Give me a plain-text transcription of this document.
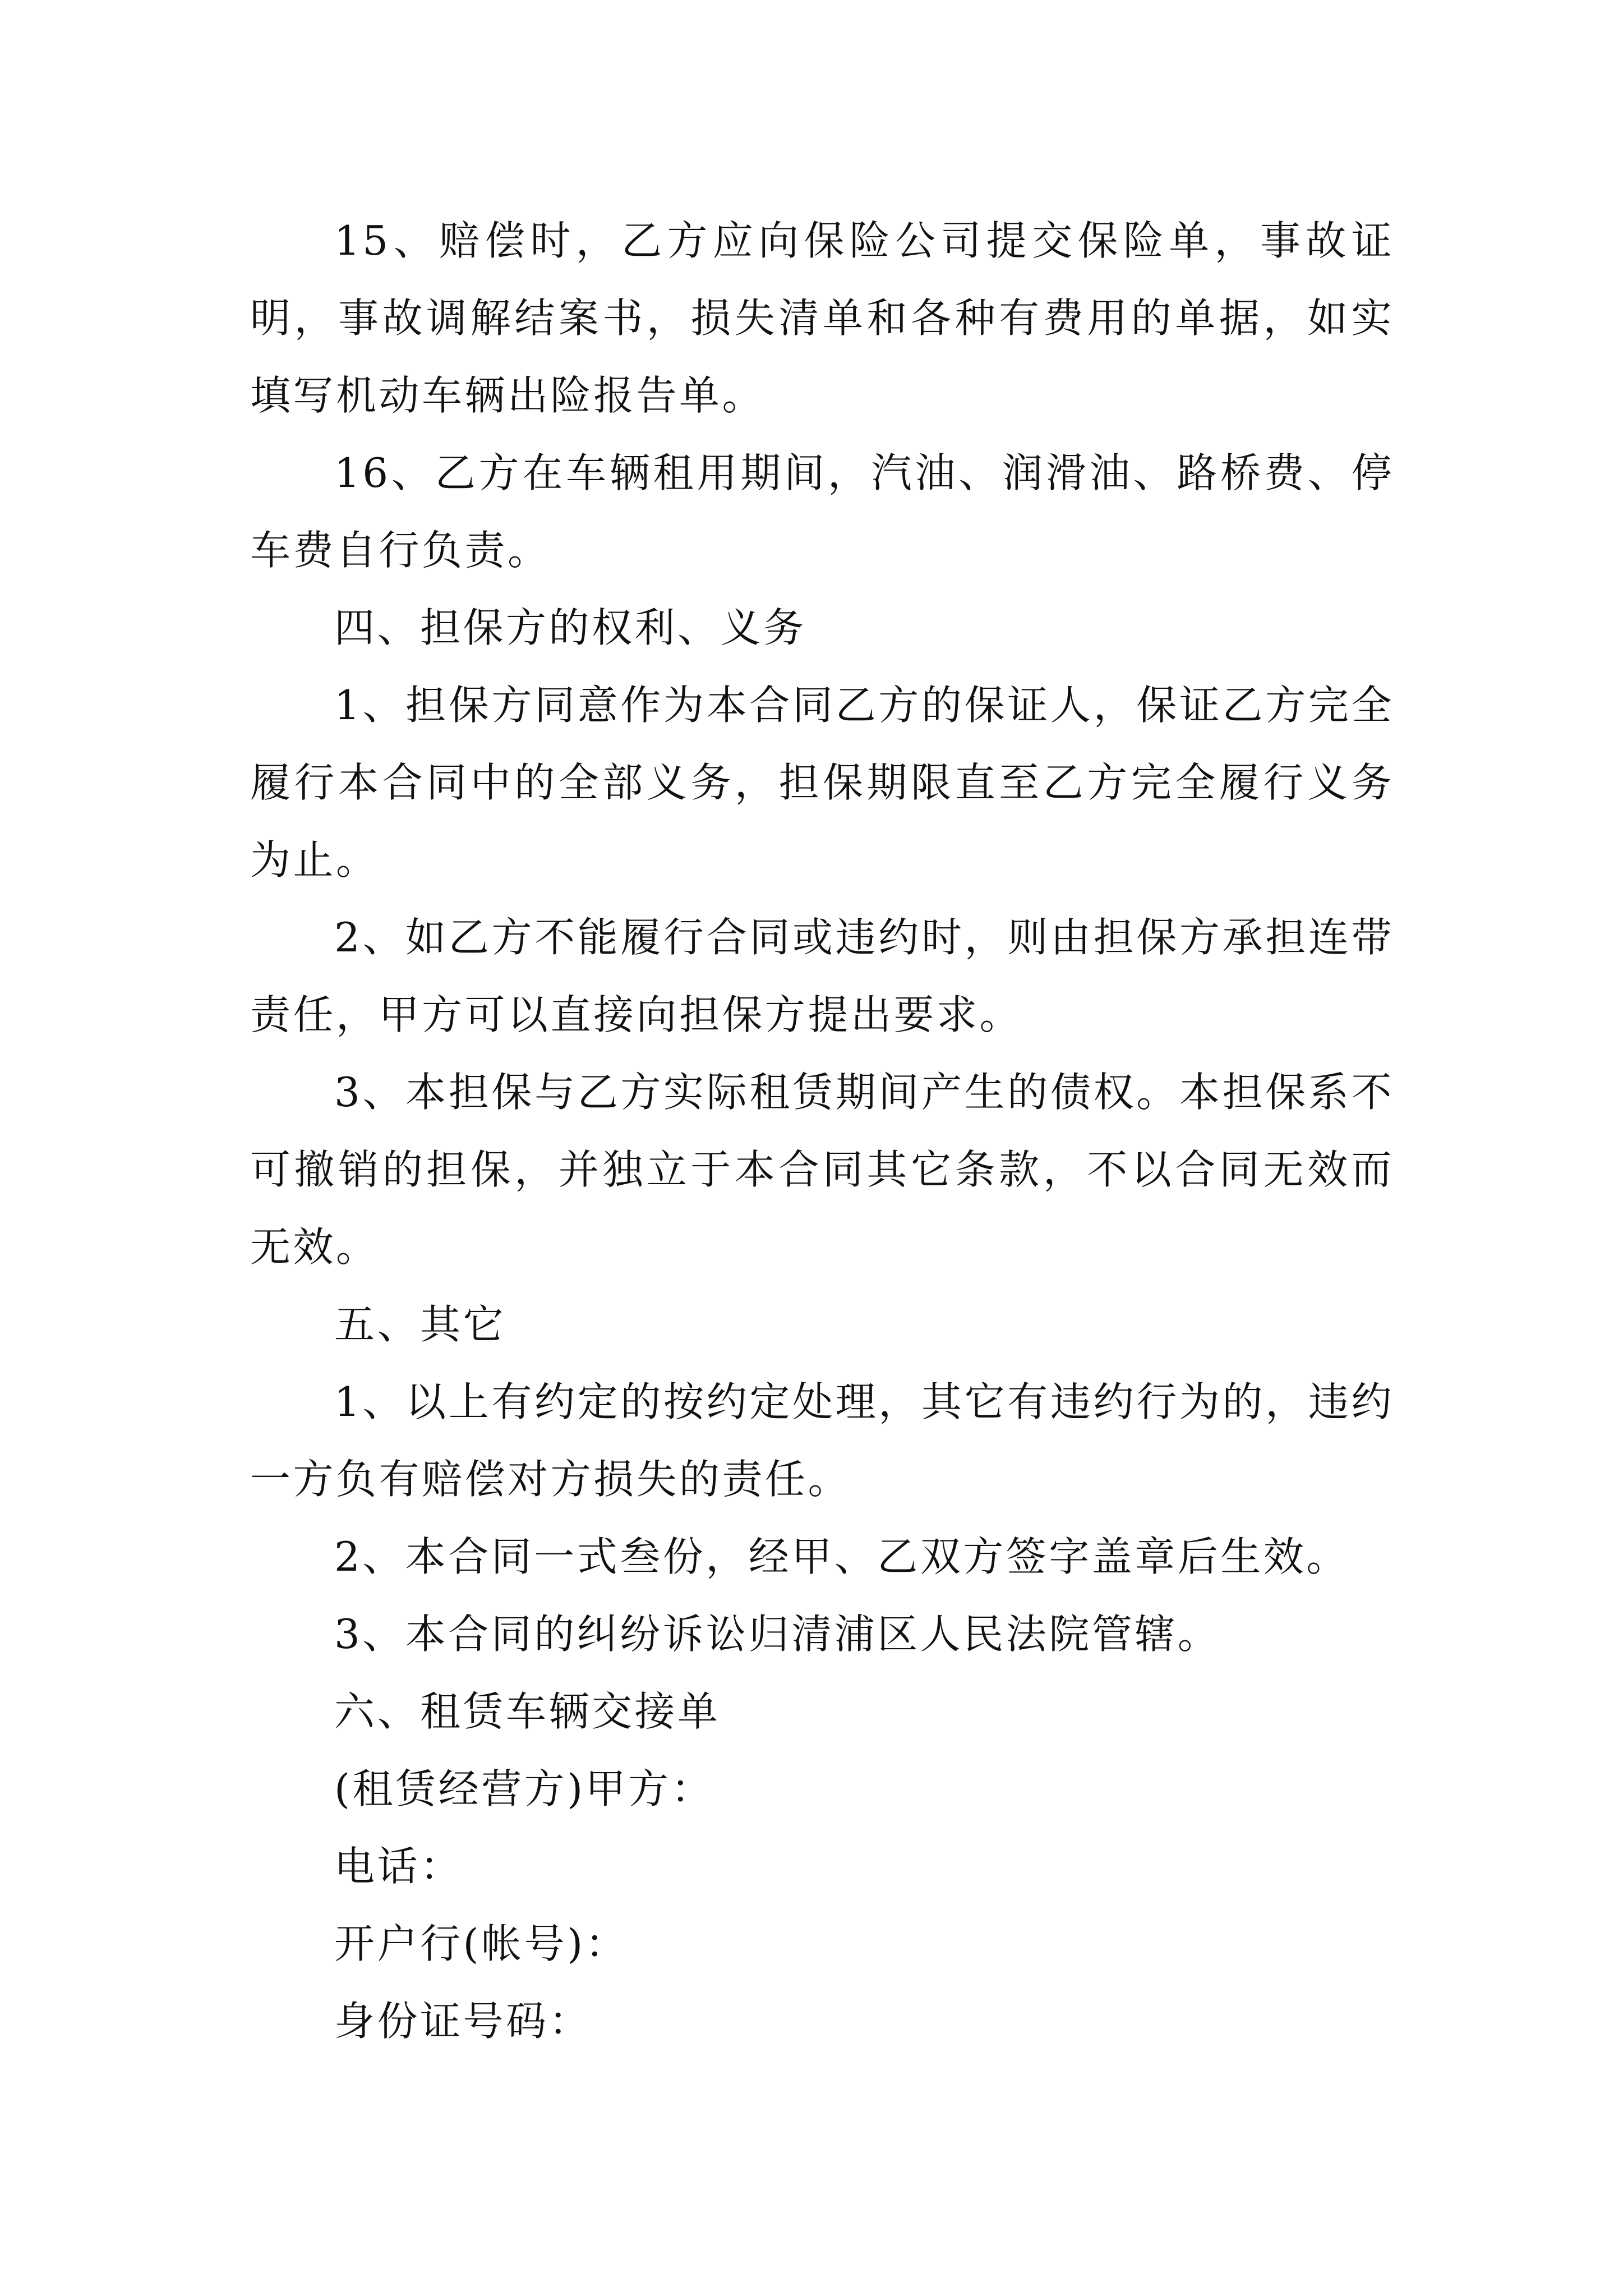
15、赔偿时，乙方应向保险公司提交保险单，事故证明，事故调解结案书，损失清单和各种有费用的单据，如实填写机动车辆出险报告单。

16、乙方在车辆租用期间，汽油、润滑油、路桥费、停车费自行负责。

四、担保方的权利、义务

1、担保方同意作为本合同乙方的保证人，保证乙方完全履行本合同中的全部义务，担保期限直至乙方完全履行义务为止。

2、如乙方不能履行合同或违约时，则由担保方承担连带责任，甲方可以直接向担保方提出要求。

3、本担保与乙方实际租赁期间产生的债权。本担保系不可撤销的担保，并独立于本合同其它条款，不以合同无效而无效。

五、其它

1、以上有约定的按约定处理，其它有违约行为的，违约一方负有赔偿对方损失的责任。

2、本合同一式叁份，经甲、乙双方签字盖章后生效。

3、本合同的纠纷诉讼归清浦区人民法院管辖。

六、租赁车辆交接单

(租赁经营方)甲方：

电话：

开户行(帐号)：

身份证号码：
